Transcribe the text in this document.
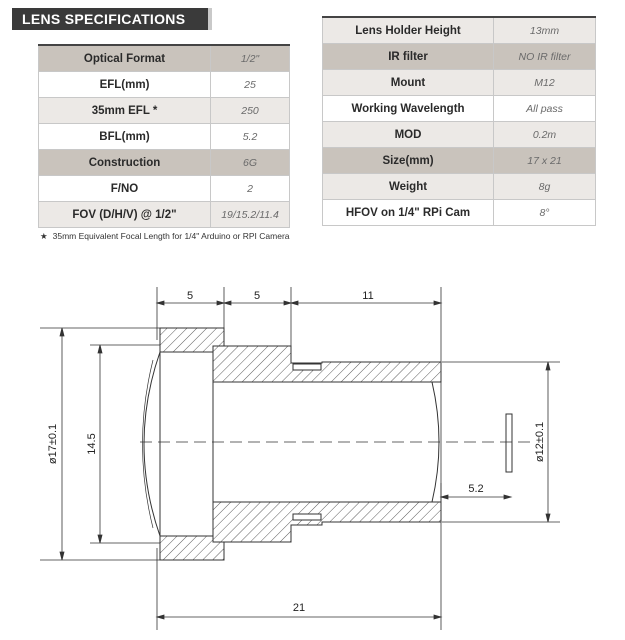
LENS SPECIFICATIONS
Optical Format	1/2"
EFL(mm)	25
35mm EFL *	250
BFL(mm)	5.2
Construction	6G
F/NO	2
FOV (D/H/V) @ 1/2"	19/15.2/11.4
Lens Holder Height	13mm
IR filter	NO IR filter
Mount	M12
Working Wavelength	All pass
MOD	0.2m
Size(mm)	17 x 21
Weight	8g
HFOV on 1/4" RPi Cam	8°
★ 35mm Equivalent Focal Length for 1/4" Arduino or RPI Camera
5	5	11
ø17±0.1 14.5	ø12±0.1
5.2
21
